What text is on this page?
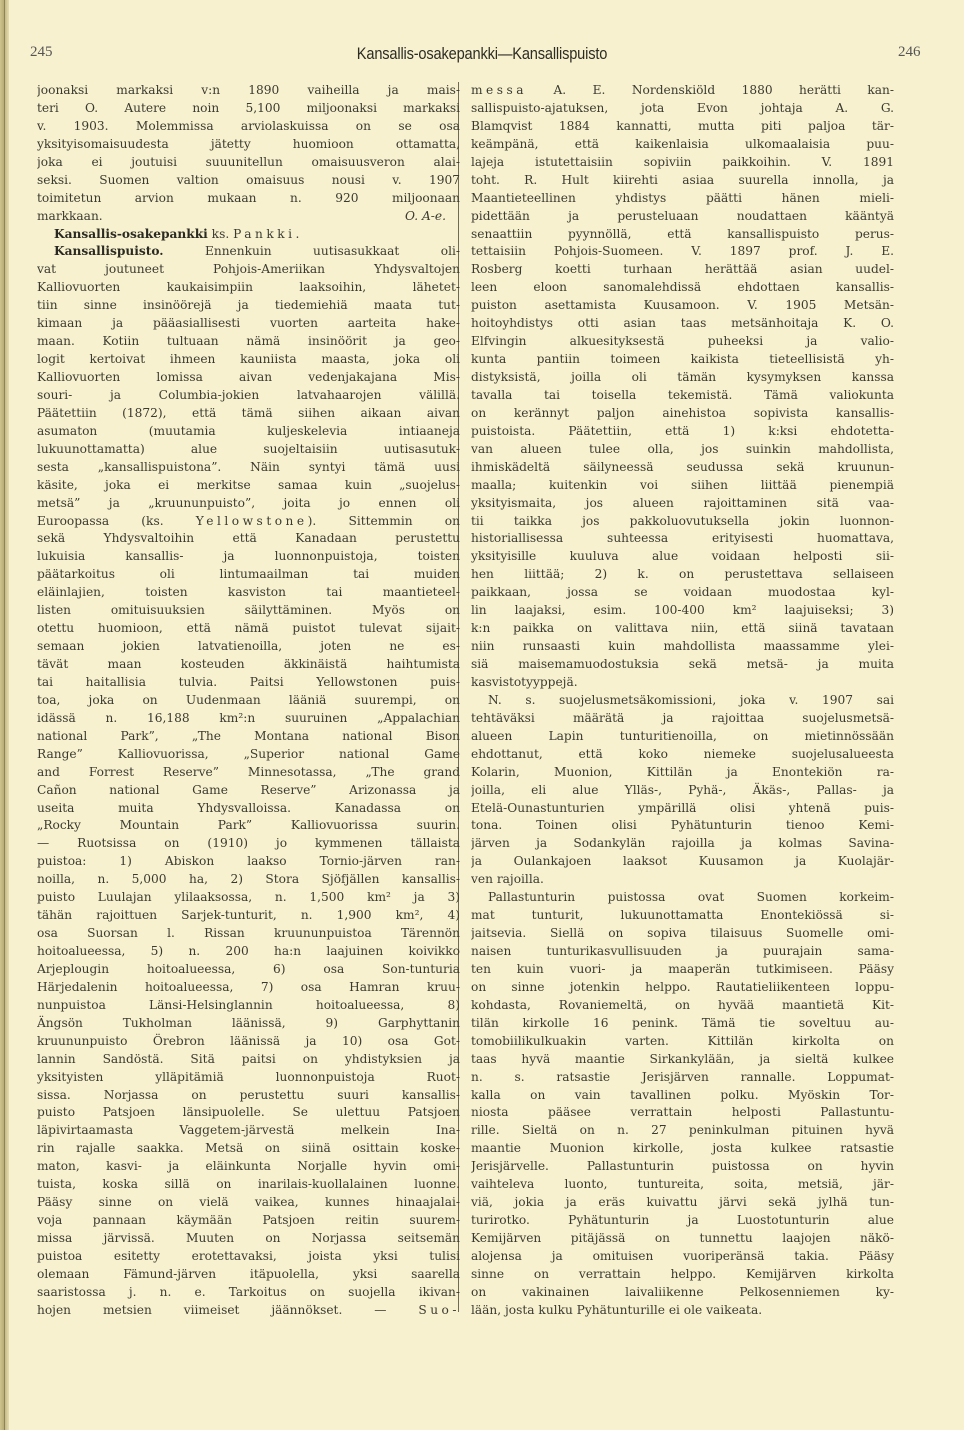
245	Kansallis-osakepankki—Kansallispuisto	246
joonaksi markaksi v:n 1890 vaiheilla ja mais-
teri O. Autere noin 5,100 miljoonaksi markaksi
v. 1903. Molemmissa arviolaskuissa on se osa
yksityisomaisuudesta jätetty huomioon ottamatta,
joka ei joutuisi suuunitellun omaisuusveron alai-
seksi. Suomen valtion omaisuus nousi v. 1907
toimitetun arvion mukaan n. 920 miljoonaan
markkaan.	O. A-e.
Kansallis-osakepankki ks. Pankki.
Kansallispuisto. Ennenkuin uutisasukkaat oli-
vat joutuneet Pohjois-Ameriikan Yhdysvaltojen
Kalliovuorten kaukaisimpiin laaksoihin, lähetet-
tiin sinne insinöörejä ja tiedemiehiä maata tut-
kimaan ja pääasiallisesti vuorten aarteita hake-
maan. Kotiin tultuaan nämä insinöörit ja geo-
logit kertoivat ihmeen kauniista maasta, joka oli
Kalliovuorten lomissa aivan vedenjakajana Mis-
souri- ja Columbia-jokien latvahaarojen välillä.
Päätettiin (1872), että tämä siihen aikaan aivan
asumaton (muutamia kuljeskelevia intiaaneja
lukuunottamatta) alue suojeltaisiin uutisasutuk-
sesta „kansallispuistona”. Näin syntyi tämä uusi
käsite, joka ei merkitse samaa kuin „suojelus-
metsä” ja „kruununpuisto”, joita jo ennen oli
Euroopassa (ks. Yellowstone). Sittemmin on
sekä Yhdysvaltoihin että Kanadaan perustettu
lukuisia kansallis- ja luonnonpuistoja, toisten
päätarkoitus oli lintumaailman tai muiden
eläinlajien, toisten kasviston tai maantieteel-
listen omituisuuksien säilyttäminen. Myös on
otettu huomioon, että nämä puistot tulevat sijait-
semaan jokien latvatienoilla, joten ne es-
tävät maan kosteuden äkkinäistä haihtumista
tai haitallisia tulvia. Paitsi Yellowstonen puis-
toa, joka on Uudenmaan lääniä suurempi, on
idässä n. 16,188 km²:n suuruinen „Appalachian
national Park”, „The Montana national Bison
Range” Kalliovuorissa, „Superior national Game
and Forrest Reserve” Minnesotassa, „The grand
Cañon national Game Reserve” Arizonassa ja
useita muita Yhdysvalloissa. Kanadassa on
„Rocky Mountain Park” Kalliovuorissa suurin.
— Ruotsissa on (1910) jo kymmenen tällaista
puistoa: 1) Abiskon laakso Tornio-järven ran-
noilla, n. 5,000 ha, 2) Stora Sjöfjällen kansallis-
puisto Luulajan ylilaaksossa, n. 1,500 km² ja 3)
tähän rajoittuen Sarjek-tunturit, n. 1,900 km², 4)
osa Suorsan l. Rissan kruununpuistoa Tärennön
hoitoalueessa, 5) n. 200 ha:n laajuinen koivikko
Arjeplougin hoitoalueessa, 6) osa Son-tunturia
Härjedalenin hoitoalueessa, 7) osa Hamran kruu-
nunpuistoa Länsi-Helsinglannin hoitoalueessa, 8)
Ängsön Tukholman läänissä, 9) Garphyttanin
kruununpuisto Örebron läänissä ja 10) osa Got-
lannin Sandöstä. Sitä paitsi on yhdistyksien ja
yksityisten ylläpitämiä luonnonpuistoja Ruot-
sissa. Norjassa on perustettu suuri kansallis-
puisto Patsjoen länsipuolelle. Se ulettuu Patsjoen
läpivirtaamasta Vaggetem-järvestä melkein Ina-
rin rajalle saakka. Metsä on siinä osittain koske-
maton, kasvi- ja eläinkunta Norjalle hyvin omi-
tuista, koska sillä on inarilais-kuollalainen luonne.
Pääsy sinne on vielä vaikea, kunnes hinaajalai-
voja pannaan käymään Patsjoen reitin suurem-
missa järvissä. Muuten on Norjassa seitsemän
puistoa esitetty erotettavaksi, joista yksi tulisi
olemaan Fämund-järven itäpuolella, yksi saarella
saaristossa j. n. e. Tarkoitus on suojella ikivan-
hojen metsien viimeiset jäännökset. — Suo-
messa A. E. Nordenskiöld 1880 herätti kan-
sallispuisto-ajatuksen, jota Evon johtaja A. G.
Blamqvist 1884 kannatti, mutta piti paljoa tär-
keämpänä, että kaikenlaisia ulkomaalaisia puu-
lajeja istutettaisiin sopiviin paikkoihin. V. 1891
toht. R. Hult kiirehti asiaa suurella innolla, ja
Maantieteellinen yhdistys päätti hänen mieli-
pidettään ja perusteluaan noudattaen kääntyä
senaattiin pyynnöllä, että kansallispuisto perus-
tettaisiin Pohjois-Suomeen. V. 1897 prof. J. E.
Rosberg koetti turhaan herättää asian uudel-
leen eloon sanomalehdissä ehdottaen kansallis-
puiston asettamista Kuusamoon. V. 1905 Metsän-
hoitoyhdistys otti asian taas metsänhoitaja K. O.
Elfvingin alkuesityksestä puheeksi ja valio-
kunta pantiin toimeen kaikista tieteellisistä yh-
distyksistä, joilla oli tämän kysymyksen kanssa
tavalla tai toisella tekemistä. Tämä valiokunta
on kerännyt paljon ainehistoa sopivista kansallis-
puistoista. Päätettiin, että 1) k:ksi ehdotetta-
van alueen tulee olla, jos suinkin mahdollista,
ihmiskädeltä säilyneessä seudussa sekä kruunun-
maalla; kuitenkin voi siihen liittää pienempiä
yksityismaita, jos alueen rajoittaminen sitä vaa-
tii taikka jos pakkoluovutuksella jokin luonnon-
historiallisessa suhteessa erityisesti huomattava,
yksityisille kuuluva alue voidaan helposti sii-
hen liittää; 2) k. on perustettava sellaiseen
paikkaan, jossa se voidaan muodostaa kyl-
lin laajaksi, esim. 100-400 km² laajuiseksi; 3)
k:n paikka on valittava niin, että siinä tavataan
niin runsaasti kuin mahdollista maassamme ylei-
siä maisemamuodostuksia sekä metsä- ja muita
kasvistotyyppejä.
N. s. suojelusmetsäkomissioni, joka v. 1907 sai
tehtäväksi määrätä ja rajoittaa suojelusmetsä-
alueen Lapin tunturitienoilla, on mietinnössään
ehdottanut, että koko niemeke suojelusalueesta
Kolarin, Muonion, Kittilän ja Enontekiön ra-
joilla, eli alue Ylläs-, Pyhä-, Äkäs-, Pallas- ja
Etelä-Ounastunturien ympärillä olisi yhtenä puis-
tona. Toinen olisi Pyhätunturin tienoo Kemi-
järven ja Sodankylän rajoilla ja kolmas Savina-
ja Oulankajoen laaksot Kuusamon ja Kuolajär-
ven rajoilla.
Pallastunturin puistossa ovat Suomen korkeim-
mat tunturit, lukuunottamatta Enontekiössä si-
jaitsevia. Siellä on sopiva tilaisuus Suomelle omi-
naisen tunturikasvullisuuden ja puurajain sama-
ten kuin vuori- ja maaperän tutkimiseen. Pääsy
on sinne jotenkin helppo. Rautatieliikenteen loppu-
kohdasta, Rovaniemeltä, on hyvää maantietä Kit-
tilän kirkolle 16 penink. Tämä tie soveltuu au-
tomobiilikulkuakin varten. Kittilän kirkolta on
taas hyvä maantie Sirkankylään, ja sieltä kulkee
n. s. ratsastie Jerisjärven rannalle. Loppumat-
kalla on vain tavallinen polku. Myöskin Tor-
niosta pääsee verrattain helposti Pallastuntu-
rille. Sieltä on n. 27 peninkulman pituinen hyvä
maantie Muonion kirkolle, josta kulkee ratsastie
Jerisjärvelle. Pallastunturin puistossa on hyvin
vaihteleva luonto, tuntureita, soita, metsiä, jär-
viä, jokia ja eräs kuivattu järvi sekä jylhä tun-
turirotko. Pyhätunturin ja Luostotunturin alue
Kemijärven pitäjässä on tunnettu laajojen näkö-
alojensa ja omituisen vuoriperänsä takia. Pääsy
sinne on verrattain helppo. Kemijärven kirkolta
on vakinainen laivaliikenne Pelkosenniemen ky-
lään, josta kulku Pyhätunturille ei ole vaikeata.
